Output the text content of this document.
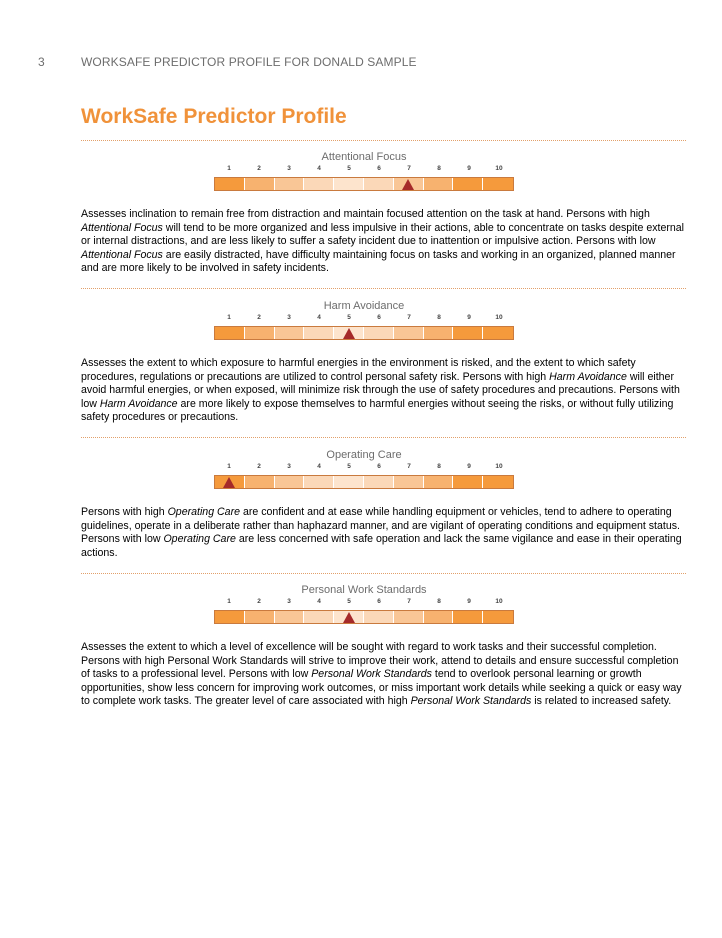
3	WORKSAFE PREDICTOR PROFILE FOR DONALD SAMPLE
WorkSafe Predictor Profile
Attentional Focus
1	2	3	4	5	6	7	8	9	10

Assesses inclination to remain free from distraction and maintain focused attention on the task at hand. Persons with high Attentional Focus will tend to be more organized and less impulsive in their actions, able to concentrate on tasks despite external or internal distractions, and are less likely to suffer a safety incident due to inattention or impulsive action. Persons with low Attentional Focus are easily distracted, have difficulty maintaining focus on tasks and working in an organized, planned manner and are more likely to be involved in safety incidents.

Harm Avoidance
1	2	3	4	5	6	7	8	9	10

Assesses the extent to which exposure to harmful energies in the environment is risked, and the extent to which safety procedures, regulations or precautions are utilized to control personal safety risk. Persons with high Harm Avoidance will either avoid harmful energies, or when exposed, will minimize risk through the use of safety procedures and precautions. Persons with low Harm Avoidance are more likely to expose themselves to harmful energies without seeing the risks, or without fully utilizing safety procedures or precautions.

Operating Care
1	2	3	4	5	6	7	8	9	10

Persons with high Operating Care are confident and at ease while handling equipment or vehicles, tend to adhere to operating guidelines, operate in a deliberate rather than haphazard manner, and are vigilant of operating conditions and equipment status. Persons with low Operating Care are less concerned with safe operation and lack the same vigilance and ease in their operating actions.

Personal Work Standards
1	2	3	4	5	6	7	8	9	10

Assesses the extent to which a level of excellence will be sought with regard to work tasks and their successful completion. Persons with high Personal Work Standards will strive to improve their work, attend to details and ensure successful completion of tasks to a professional level. Persons with low Personal Work Standards tend to overlook personal learning or growth opportunities, show less concern for improving work outcomes, or miss important work details while seeking a quick or easy way to complete work tasks. The greater level of care associated with high Personal Work Standards is related to increased safety.
